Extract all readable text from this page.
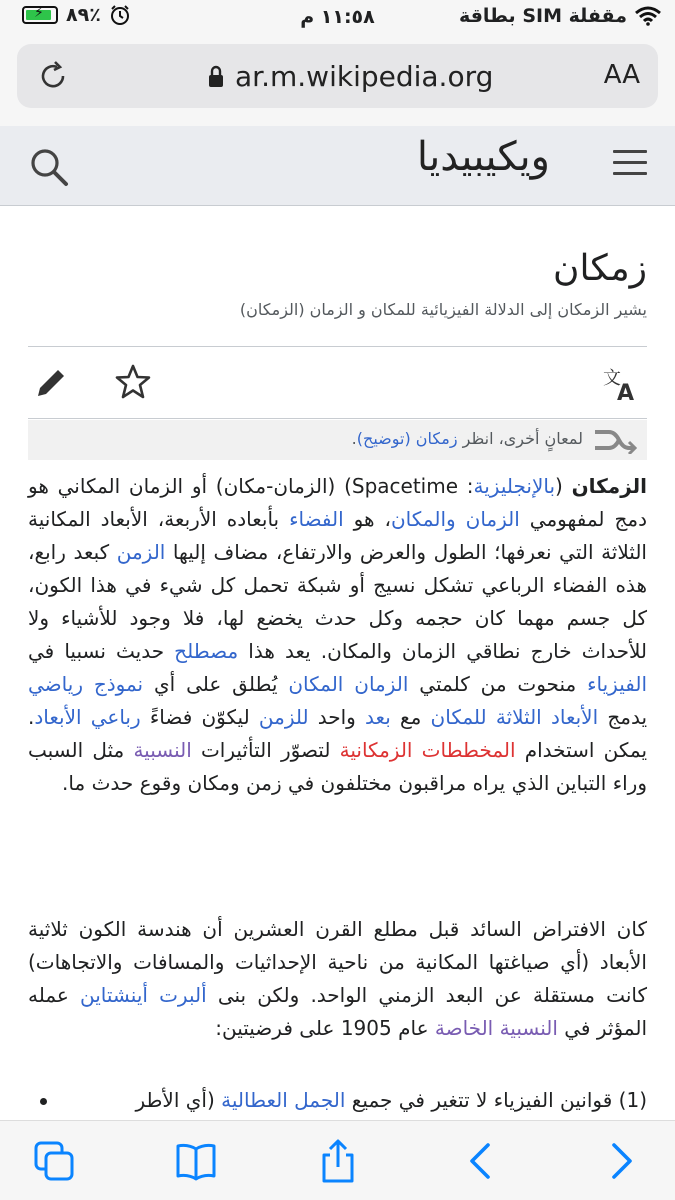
⚡ ٨٩٪	١١:٥٨ م	بطاقة SIM مقفلة
ar.m.wikipedia.org	AA
ويكيبيديا
زمكان
يشير الزمكان إلى الدلالة الفيزيائية للمكان و الزمان (الزمكان)
文
A
لمعانٍ أخرى، انظر زمكان (توضيح).
الزمكان (بالإنجليزية: Spacetime) (الزمان-مكان) أو الزمان المكاني هو دمج لمفهومي الزمان والمكان، هو الفضاء بأبعاده الأربعة، الأبعاد المكانية الثلاثة التي نعرفها؛ الطول والعرض والارتفاع، مضاف إليها الزمن كبعد رابع، هذه الفضاء الرباعي تشكل نسيج أو شبكة تحمل كل شيء في هذا الكون، كل جسم مهما كان حجمه وكل حدث يخضع لها، فلا وجود للأشياء ولا للأحداث خارج نطاقي الزمان والمكان. يعد هذا مصطلح حديث نسبيا في الفيزياء منحوت من كلمتي الزمان المكان يُطلق على أي نموذج رياضي يدمج الأبعاد الثلاثة للمكان مع بعد واحد للزمن ليكوّن فضاءً رباعي الأبعاد. يمكن استخدام المخططات الزمكانية لتصوّر التأثيرات النسبية مثل السبب وراء التباين الذي يراه مراقبون مختلفون في زمن ومكان وقوع حدث ما.
كان الافتراض السائد قبل مطلع القرن العشرين أن هندسة الكون ثلاثية الأبعاد (أي صياغتها المكانية من ناحية الإحداثيات والمسافات والاتجاهات) كانت مستقلة عن البعد الزمني الواحد. ولكن بنى ألبرت أينشتاين عمله المؤثر في النسبية الخاصة عام 1905 على فرضيتين:
(1) قوانين الفيزياء لا تتغير في جميع الجمل العطالية (أي الأطر
